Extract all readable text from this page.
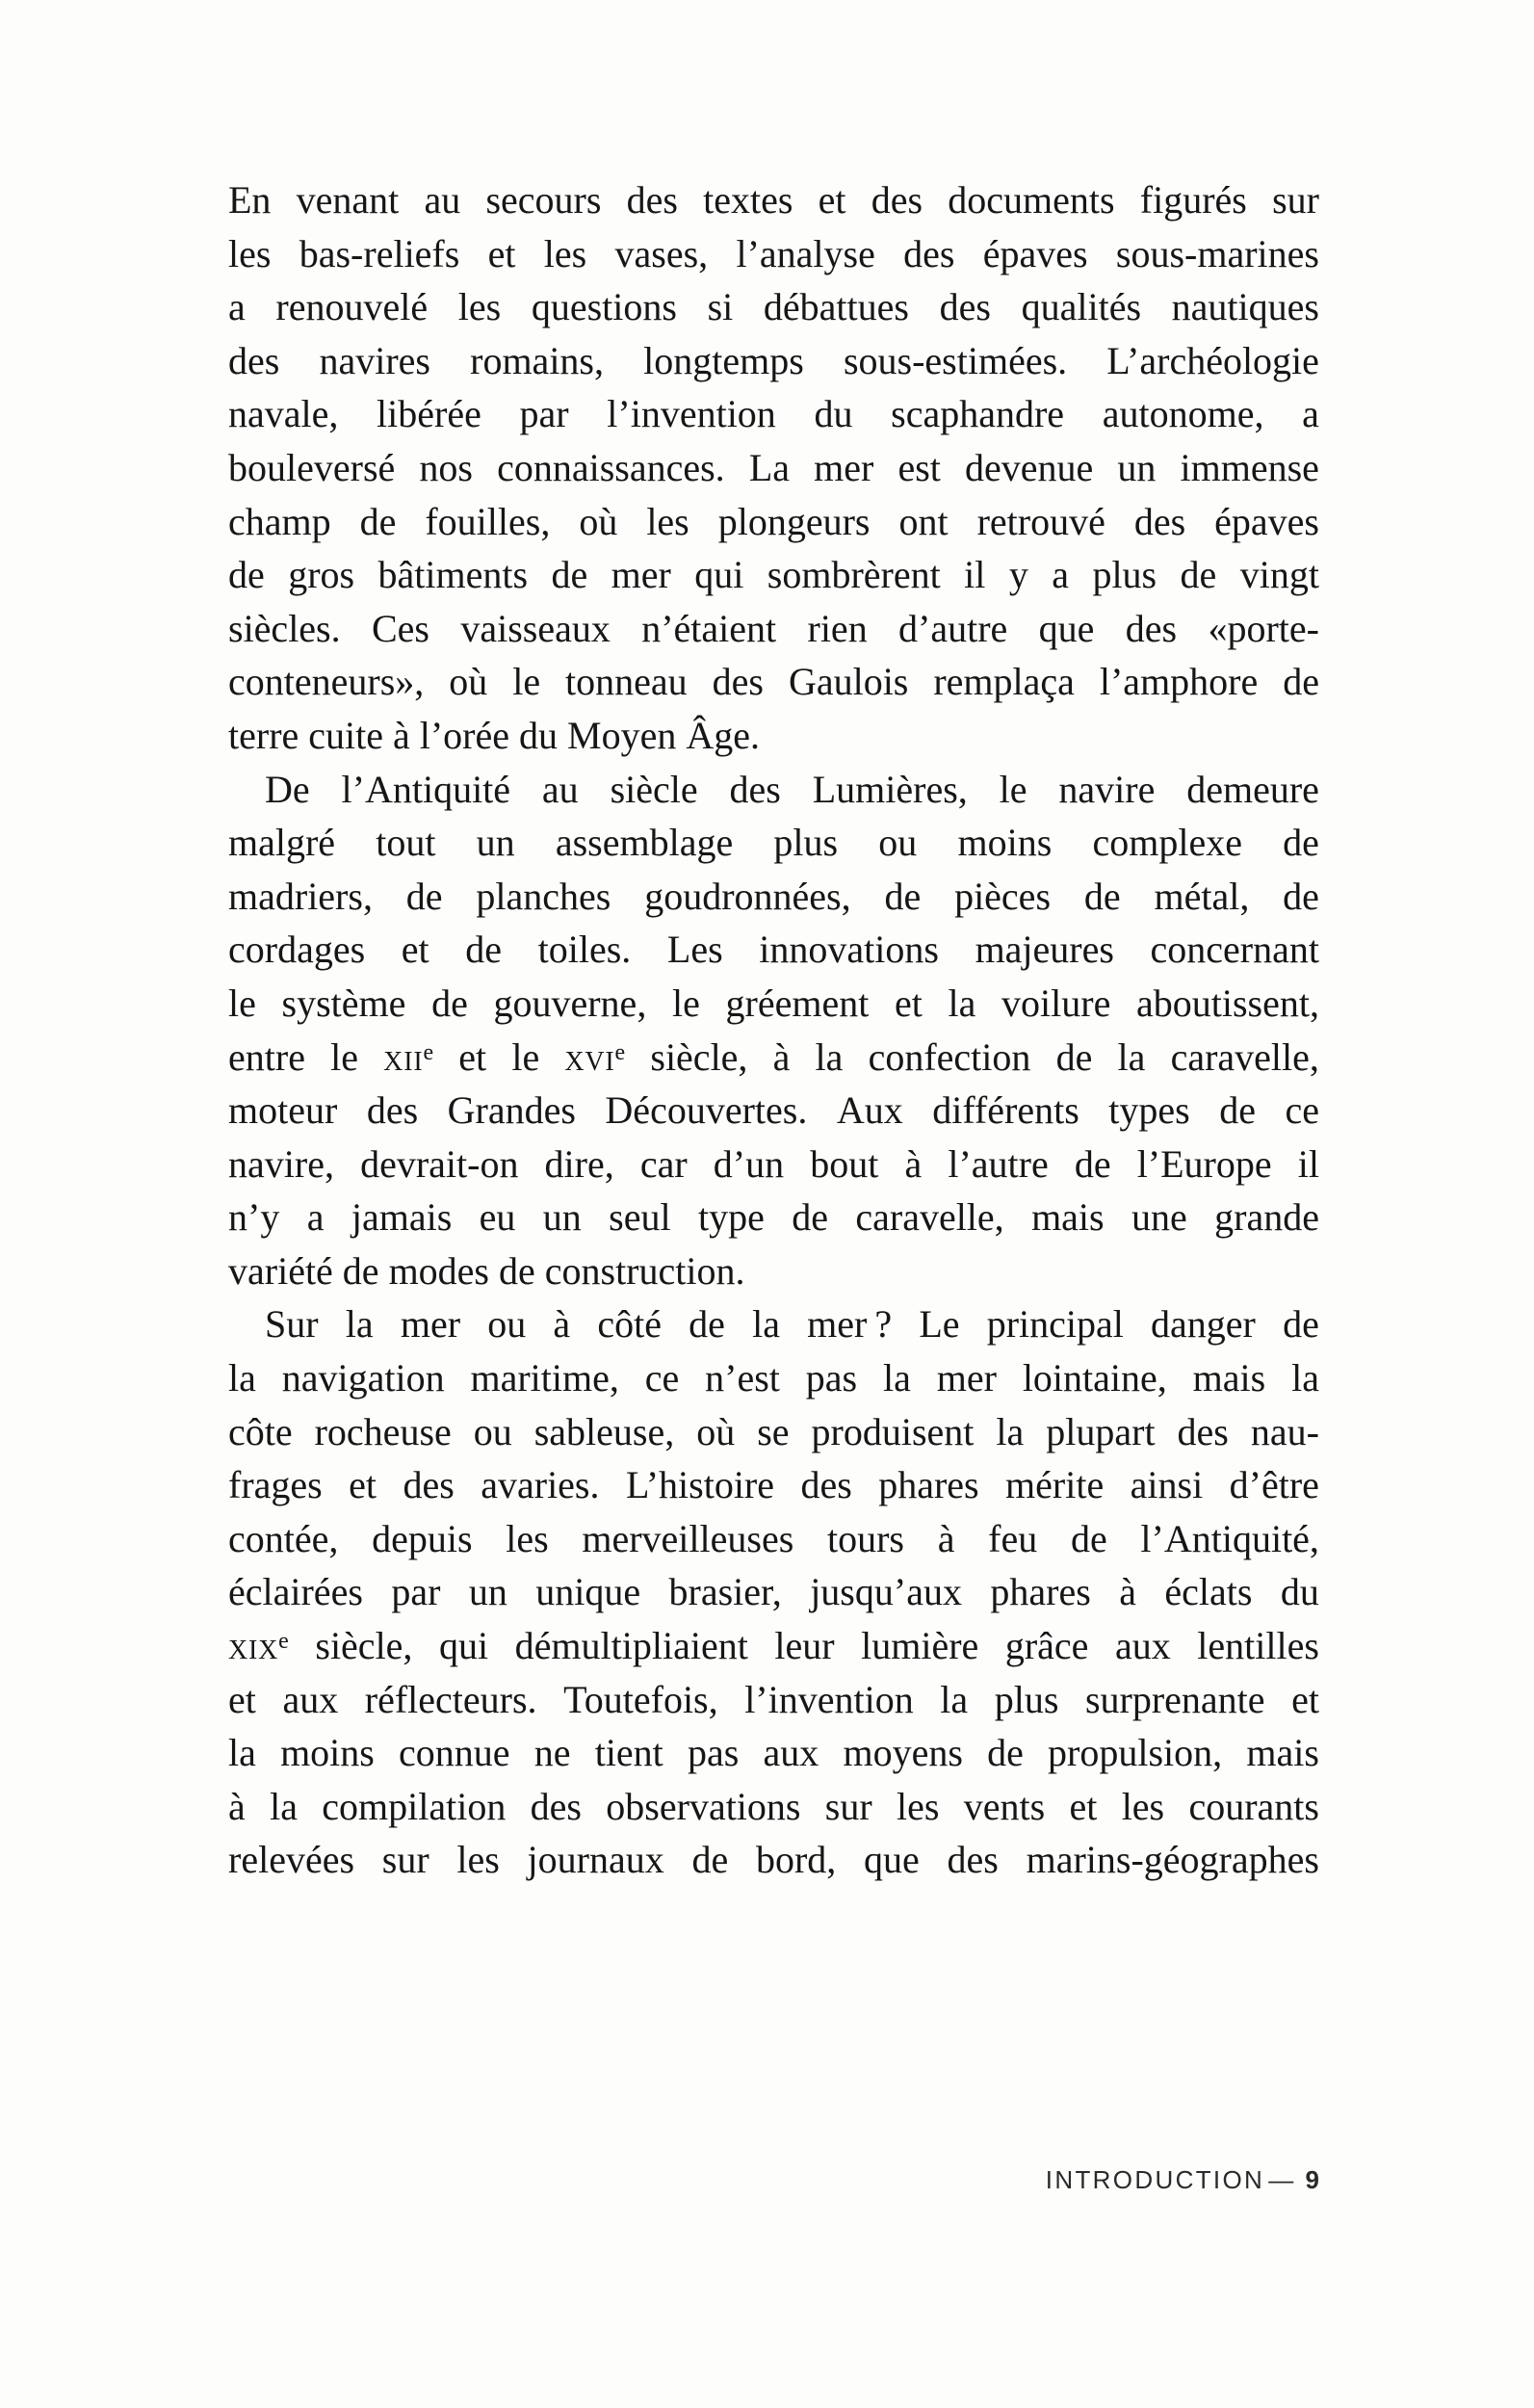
En venant au secours des textes et des documents figurés sur
les bas-reliefs et les vases, l’analyse des épaves sous-marines
a renouvelé les questions si débattues des qualités nautiques
des navires romains, longtemps sous-estimées. L’archéologie
navale, libérée par l’invention du scaphandre autonome, a
bouleversé nos connaissances. La mer est devenue un immense
champ de fouilles, où les plongeurs ont retrouvé des épaves
de gros bâtiments de mer qui sombrèrent il y a plus de vingt
siècles. Ces vaisseaux n’étaient rien d’autre que des «porte-
conteneurs», où le tonneau des Gaulois remplaça l’amphore de
terre cuite à l’orée du Moyen Âge.
De l’Antiquité au siècle des Lumières, le navire demeure
malgré tout un assemblage plus ou moins complexe de
madriers, de planches goudronnées, de pièces de métal, de
cordages et de toiles. Les innovations majeures concernant
le système de gouverne, le gréement et la voilure aboutissent,
entre le xii$^e$ et le xvi$^e$ siècle, à la confection de la caravelle,
moteur des Grandes Découvertes. Aux différents types de ce
navire, devrait-on dire, car d’un bout à l’autre de l’Europe il
n’y a jamais eu un seul type de caravelle, mais une grande
variété de modes de construction.
Sur la mer ou à côté de la mer ? Le principal danger de
la navigation maritime, ce n’est pas la mer lointaine, mais la
côte rocheuse ou sableuse, où se produisent la plupart des nau-
frages et des avaries. L’histoire des phares mérite ainsi d’être
contée, depuis les merveilleuses tours à feu de l’Antiquité,
éclairées par un unique brasier, jusqu’aux phares à éclats du
xix$^e$ siècle, qui démultipliaient leur lumière grâce aux lentilles
et aux réflecteurs. Toutefois, l’invention la plus surprenante et
la moins connue ne tient pas aux moyens de propulsion, mais
à la compilation des observations sur les vents et les courants
relevées sur les journaux de bord, que des marins-géographes
INTRODUCTION — 9
